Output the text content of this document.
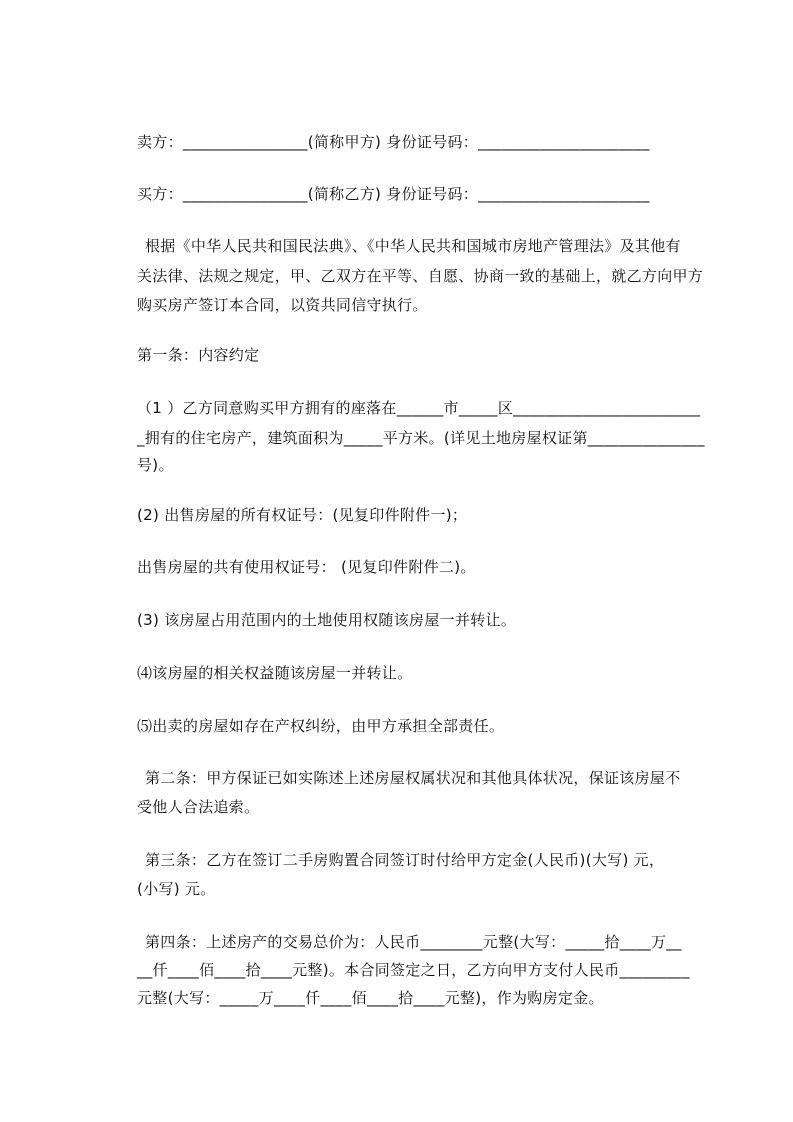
卖方：________________(简称甲方) 身份证号码：______________________
买方：________________(简称乙方) 身份证号码：______________________
根据《中华人民共和国民法典》、《中华人民共和国城市房地产管理法》及其他有
关法律、法规之规定，甲、乙双方在平等、自愿、协商一致的基础上，就乙方向甲方
购买房产签订本合同，以资共同信守执行。
第一条：内容约定
（1 ）乙方同意购买甲方拥有的座落在______市_____区________________________
_拥有的住宅房产，建筑面积为_____平方米。(详见土地房屋权证第_______________
号)。
(2) 出售房屋的所有权证号：(见复印件附件一)；
出售房屋的共有使用权证号： (见复印件附件二)。
(3) 该房屋占用范围内的土地使用权随该房屋一并转让。
⑷该房屋的相关权益随该房屋一并转让。
⑸出卖的房屋如存在产权纠纷，由甲方承担全部责任。
第二条：甲方保证已如实陈述上述房屋权属状况和其他具体状况，保证该房屋不
受他人合法追索。
第三条：乙方在签订二手房购置合同签订时付给甲方定金(人民币)(大写) 元，
(小写) 元。
第四条：上述房产的交易总价为：人民币________元整(大写：_____拾____万__
__仟____佰____拾____元整)。本合同签定之日，乙方向甲方支付人民币_________
元整(大写：_____万____仟____佰____拾____元整)，作为购房定金。
